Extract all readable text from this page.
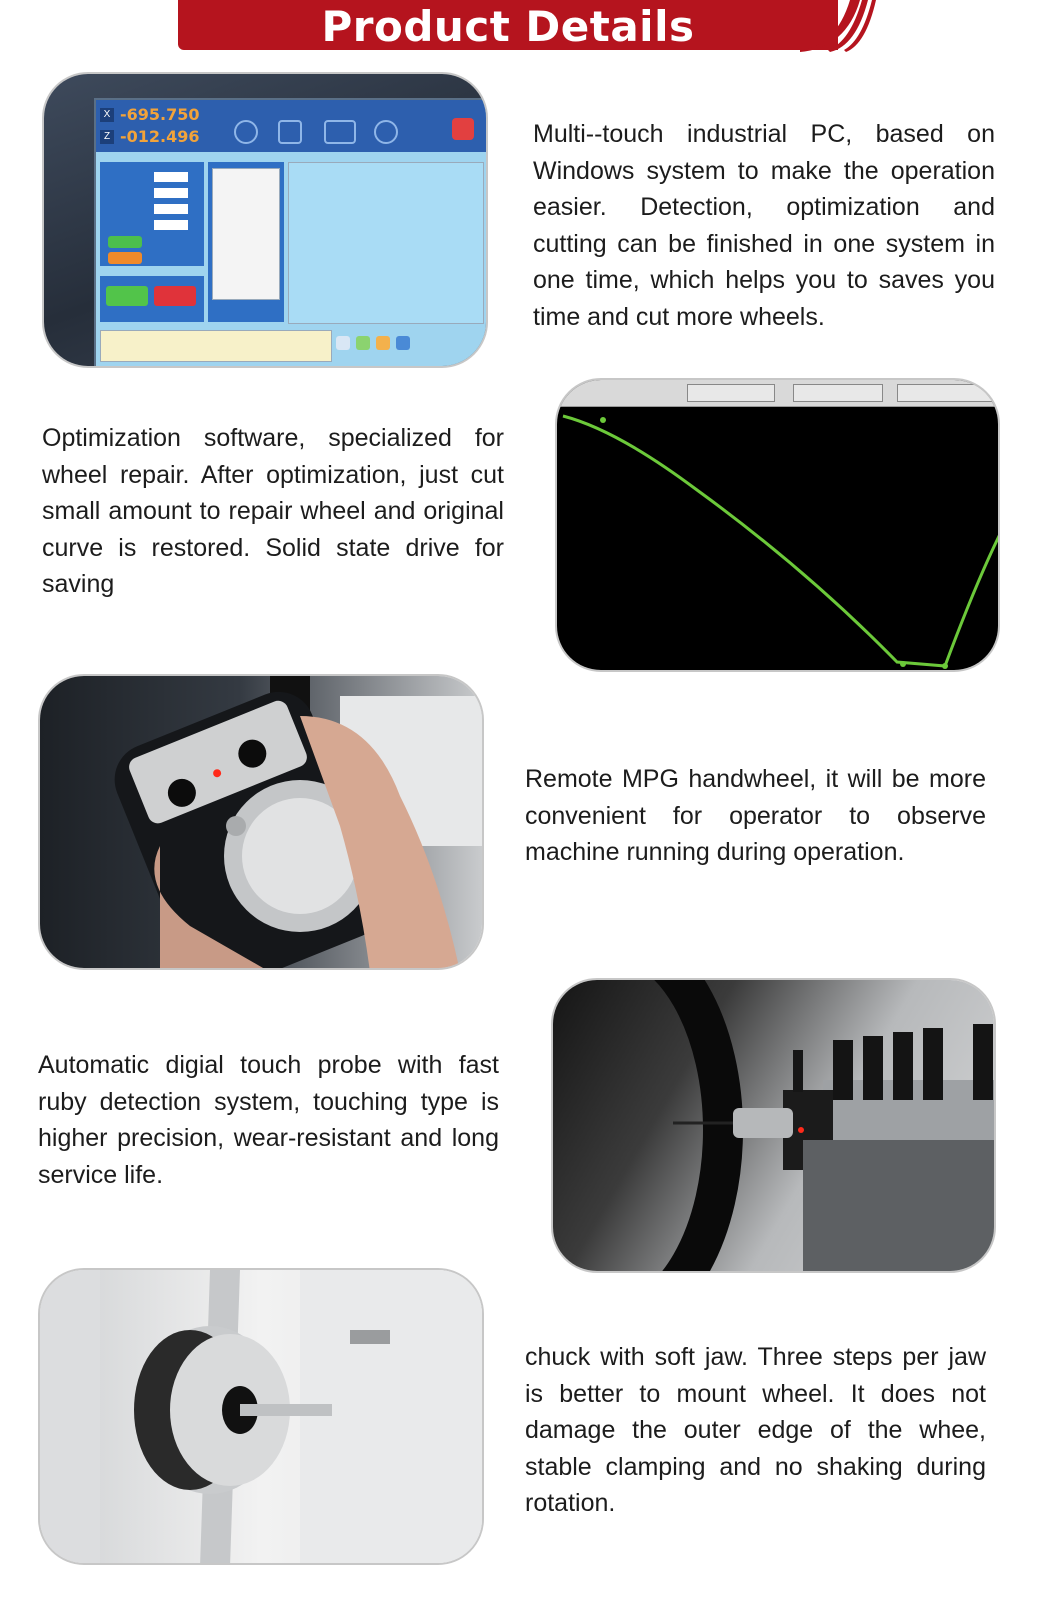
Product Details
X -695.750
Z -012.496	Multi--touch industrial PC, based on Windows system to make the operation easier. Detection, optimization and cutting can be finished in one system in one time, which helps you to saves you time and cut more wheels.

Optimization software, specialized for wheel repair. After optimization, just cut small amount to repair wheel and original curve is restored. Solid state drive for saving

Remote MPG handwheel, it will be more convenient for operator to observe machine running during operation.

Automatic digial touch probe with fast ruby detection system, touching type is higher precision, wear-resistant and long service life.

chuck with soft jaw. Three steps per jaw is better to mount wheel. It does not damage the outer edge of the whee, stable clamping and no shaking during rotation.
